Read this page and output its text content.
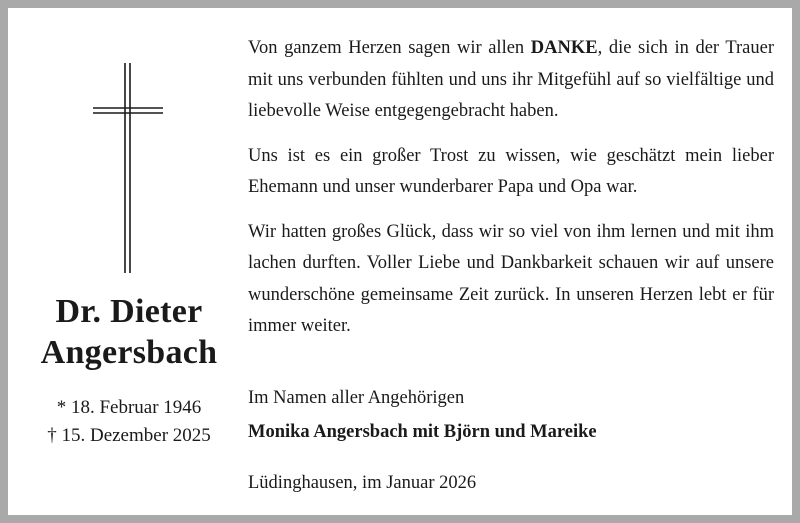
Dr. Dieter
Angersbach
* 18. Februar 1946
† 15. Dezember 2025

Von ganzem Herzen sagen wir allen DANKE, die sich in der Trauer mit uns verbunden fühlten und uns ihr Mitgefühl auf so vielfältige und liebevolle Weise entgegengebracht haben.

Uns ist es ein großer Trost zu wissen, wie geschätzt mein lieber Ehemann und unser wunderbarer Papa und Opa war.

Wir hatten großes Glück, dass wir so viel von ihm lernen und mit ihm lachen durften. Voller Liebe und Dankbarkeit schauen wir auf unsere wunderschöne gemeinsame Zeit zurück. In unseren Herzen lebt er für immer weiter.

Im Namen aller Angehörigen
Monika Angersbach mit Björn und Mareike
Lüdinghausen, im Januar 2026
